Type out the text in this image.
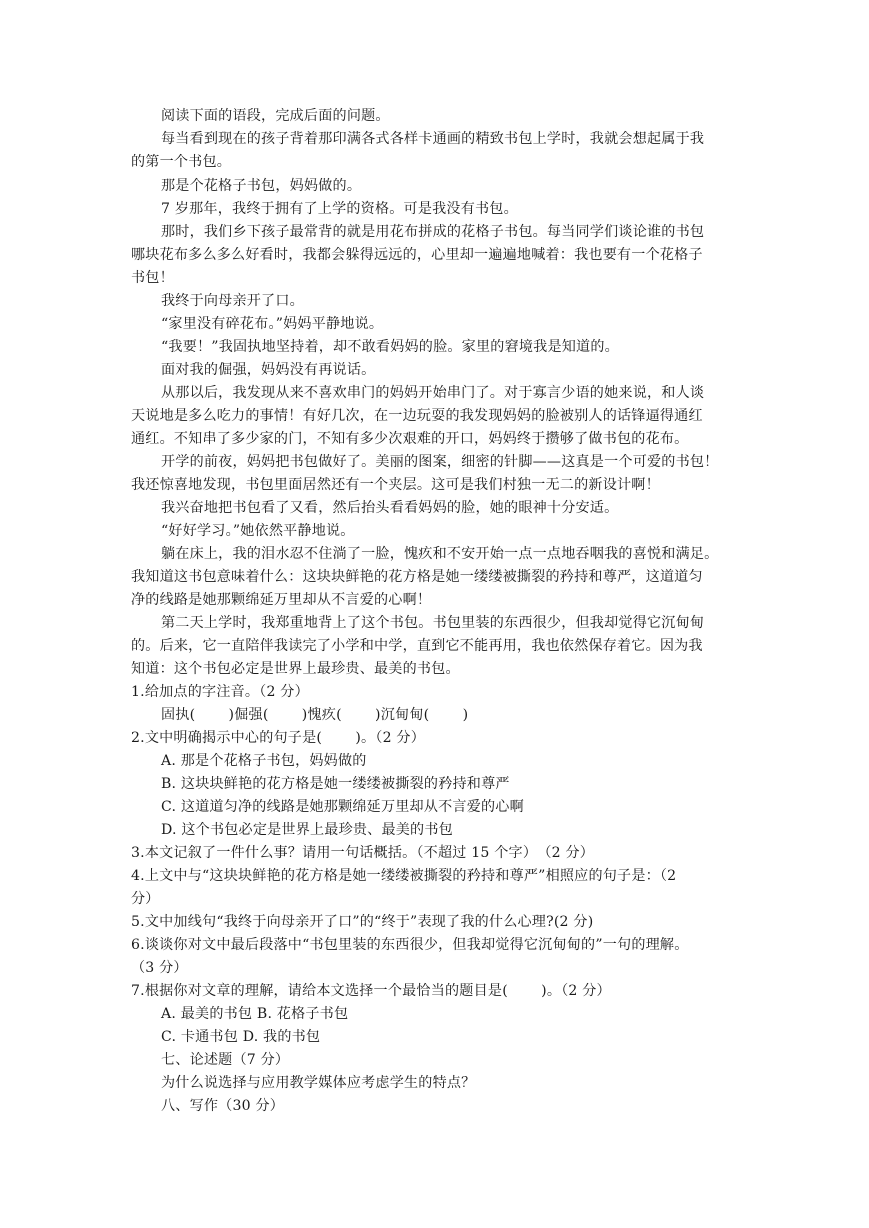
阅读下面的语段，完成后面的问题。
每当看到现在的孩子背着那印满各式各样卡通画的精致书包上学时，我就会想起属于我
的第一个书包。
那是个花格子书包，妈妈做的。
7 岁那年，我终于拥有了上学的资格。可是我没有书包。
那时，我们乡下孩子最常背的就是用花布拼成的花格子书包。每当同学们谈论谁的书包
哪块花布多么多么好看时，我都会躲得远远的，心里却一遍遍地喊着：我也要有一个花格子
书包！
我终于向母亲开了口。
“家里没有碎花布。”妈妈平静地说。
“我要！”我固执地坚持着，却不敢看妈妈的脸。家里的窘境我是知道的。
面对我的倔强，妈妈没有再说话。
从那以后，我发现从来不喜欢串门的妈妈开始串门了。对于寡言少语的她来说，和人谈
天说地是多么吃力的事情！有好几次，在一边玩耍的我发现妈妈的脸被别人的话锋逼得通红
通红。不知串了多少家的门，不知有多少次艰难的开口，妈妈终于攒够了做书包的花布。
开学的前夜，妈妈把书包做好了。美丽的图案，细密的针脚——这真是一个可爱的书包！
我还惊喜地发现，书包里面居然还有一个夹层。这可是我们村独一无二的新设计啊！
我兴奋地把书包看了又看，然后抬头看看妈妈的脸，她的眼神十分安适。
“好好学习。”她依然平静地说。
躺在床上，我的泪水忍不住淌了一脸，愧疚和不安开始一点一点地吞咽我的喜悦和满足。
我知道这书包意味着什么：这块块鲜艳的花方格是她一缕缕被撕裂的矜持和尊严，这道道匀
净的线路是她那颗绵延万里却从不言爱的心啊！
第二天上学时，我郑重地背上了这个书包。书包里装的东西很少，但我却觉得它沉甸甸
的。后来，它一直陪伴我读完了小学和中学，直到它不能再用，我也依然保存着它。因为我
知道：这个书包必定是世界上最珍贵、最美的书包。
1.给加点的字注音。（2 分）
固执(　　 )倔强(　　 )愧疚(　　 )沉甸甸(　　 )
2.文中明确揭示中心的句子是(　　 )。（2 分）
A. 那是个花格子书包，妈妈做的
B. 这块块鲜艳的花方格是她一缕缕被撕裂的矜持和尊严
C. 这道道匀净的线路是她那颗绵延万里却从不言爱的心啊
D. 这个书包必定是世界上最珍贵、最美的书包
3.本文记叙了一件什么事？请用一句话概括。（不超过 15 个字）　（2 分）
4.上文中与“这块块鲜艳的花方格是她一缕缕被撕裂的矜持和尊严”相照应的句子是：（2
分）
5.文中加线句“我终于向母亲开了口”的“终于”表现了我的什么心理?(2 分)
6.谈谈你对文中最后段落中“书包里装的东西很少，但我却觉得它沉甸甸的”一句的理解。
（3 分）
7.根据你对文章的理解，请给本文选择一个最恰当的题目是(　　 )。（2 分）
A. 最美的书包 B. 花格子书包
C. 卡通书包 D. 我的书包
七、论述题（7 分）
为什么说选择与应用教学媒体应考虑学生的特点？
八、写作（30 分）
